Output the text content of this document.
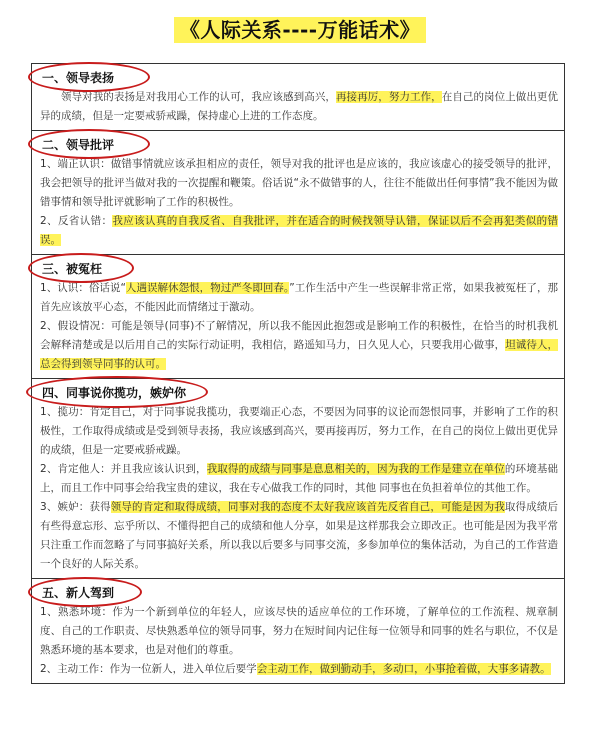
《人际关系----万能话术》
一、领导表扬

领导对我的表扬是对我用心工作的认可，我应该感到高兴，再接再厉，努力工作，在自己的岗位上做出更优异的成绩，但是一定要戒骄戒躁，保持虚心上进的工作态度。

二、领导批评

1、端正认识：做错事情就应该承担相应的责任，领导对我的批评也是应该的，我应该虚心的接受领导的批评，我会把领导的批评当做对我的一次提醒和鞭策。俗话说“永不做错事的人，往往不能做出任何事情”我不能因为做错事情和领导批评就影响了工作的积极性。

2、反省认错：我应该认真的自我反省、自我批评，并在适合的时候找领导认错，保证以后不会再犯类似的错误。

三、被冤枉

1、认识：俗话说“人遇误解休怨恨，物过严冬即回春。”工作生活中产生一些误解非常正常，如果我被冤枉了，那首先应该放平心态，不能因此而情绪过于激动。

2、假设情况：可能是领导(同事)不了解情况，所以我不能因此抱怨或是影响工作的积极性，在恰当的时机我机会解释清楚或是以后用自己的实际行动证明，我相信，路遥知马力，日久见人心，只要我用心做事，坦诚待人，总会得到领导同事的认可。

四、同事说你揽功，嫉妒你

1、揽功：肯定自己，对于同事说我揽功，我要端正心态，不要因为同事的议论而怨恨同事，并影响了工作的积极性，工作取得成绩或是受到领导表扬，我应该感到高兴，要再接再厉，努力工作，在自己的岗位上做出更优异的成绩，但是一定要戒骄戒躁。

2、肯定他人：并且我应该认识到，我取得的成绩与同事是息息相关的，因为我的工作是建立在单位的环境基础上，而且工作中同事会给我宝贵的建议，我在专心做我工作的同时，其他 同事也在负担着单位的其他工作。

3、嫉妒：获得领导的肯定和取得成绩，同事对我的态度不太好我应该首先反省自己，可能是因为我取得成绩后有些得意忘形、忘乎所以、不懂得把自己的成绩和他人分享，如果是这样那我会立即改正。也可能是因为我平常只注重工作而忽略了与同事搞好关系，所以我以后要多与同事交流，多参加单位的集体活动，为自己的工作营造一个良好的人际关系。

五、新人驾到

1、熟悉环境：作为一个新到单位的年轻人，应该尽快的适应单位的工作环境，了解单位的工作流程、规章制度、自己的工作职责、尽快熟悉单位的领导同事，努力在短时间内记住每一位领导和同事的姓名与职位，不仅是熟悉环境的基本要求，也是对他们的尊重。

2、主动工作：作为一位新人，进入单位后要学会主动工作，做到勤动手，多动口，小事抢着做，大事多请教。
